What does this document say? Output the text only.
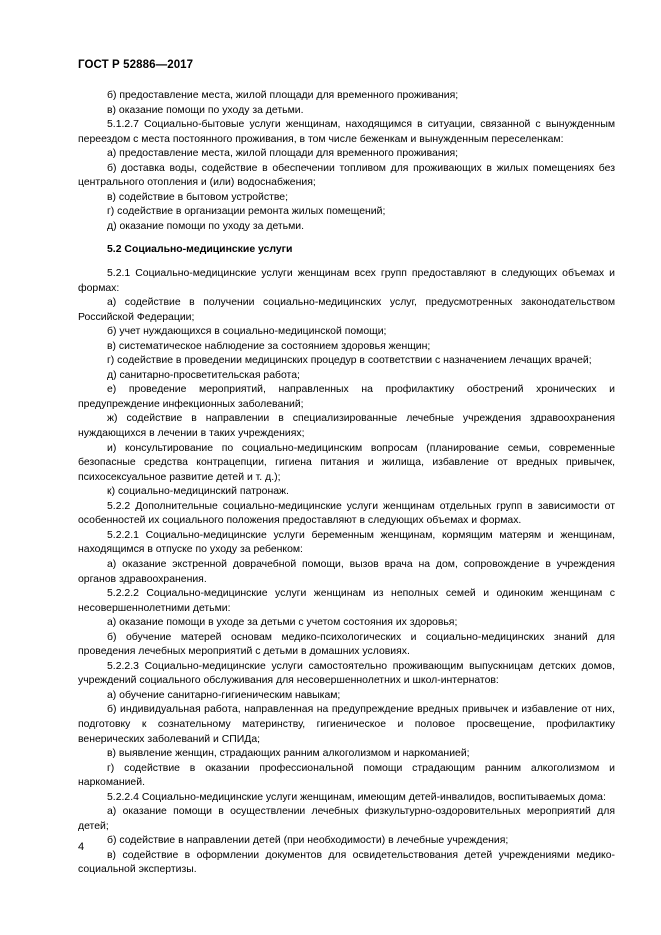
ГОСТ Р 52886—2017

б) предоставление места, жилой площади для временного проживания;

в) оказание помощи по уходу за детьми.

5.1.2.7 Социально-бытовые услуги женщинам, находящимся в ситуации, связанной с вынужденным переездом с места постоянного проживания, в том числе беженкам и вынужденным переселенкам:

а) предоставление места, жилой площади для временного проживания;

б) доставка воды, содействие в обеспечении топливом для проживающих в жилых помещениях без центрального отопления и (или) водоснабжения;

в) содействие в бытовом устройстве;

г) содействие в организации ремонта жилых помещений;

д) оказание помощи по уходу за детьми.

5.2 Социально-медицинские услуги

5.2.1 Социально-медицинские услуги женщинам всех групп предоставляют в следующих объемах и формах:

а) содействие в получении социально-медицинских услуг, предусмотренных законодательством Российской Федерации;

б) учет нуждающихся в социально-медицинской помощи;

в) систематическое наблюдение за состоянием здоровья женщин;

г) содействие в проведении медицинских процедур в соответствии с назначением лечащих врачей;

д) санитарно-просветительская работа;

е) проведение мероприятий, направленных на профилактику обострений хронических и предупреждение инфекционных заболеваний;

ж) содействие в направлении в специализированные лечебные учреждения здравоохранения нуждающихся в лечении в таких учреждениях;

и) консультирование по социально-медицинским вопросам (планирование семьи, современные безопасные средства контрацепции, гигиена питания и жилища, избавление от вредных привычек, психосексуальное развитие детей и т. д.);

к) социально-медицинский патронаж.

5.2.2 Дополнительные социально-медицинские услуги женщинам отдельных групп в зависимости от особенностей их социального положения предоставляют в следующих объемах и формах.

5.2.2.1 Социально-медицинские услуги беременным женщинам, кормящим матерям и женщинам, находящимся в отпуске по уходу за ребенком:

а) оказание экстренной доврачебной помощи, вызов врача на дом, сопровождение в учреждения органов здравоохранения.

5.2.2.2 Социально-медицинские услуги женщинам из неполных семей и одиноким женщинам с несовершеннолетними детьми:

а) оказание помощи в уходе за детьми с учетом состояния их здоровья;

б) обучение матерей основам медико-психологических и социально-медицинских знаний для проведения лечебных мероприятий с детьми в домашних условиях.

5.2.2.3 Социально-медицинские услуги самостоятельно проживающим выпускницам детских домов, учреждений социального обслуживания для несовершеннолетних и школ-интернатов:

а) обучение санитарно-гигиеническим навыкам;

б) индивидуальная работа, направленная на предупреждение вредных привычек и избавление от них, подготовку к сознательному материнству, гигиеническое и половое просвещение, профилактику венерических заболеваний и СПИДа;

в) выявление женщин, страдающих ранним алкоголизмом и наркоманией;

г) содействие в оказании профессиональной помощи страдающим ранним алкоголизмом и наркоманией.

5.2.2.4 Социально-медицинские услуги женщинам, имеющим детей-инвалидов, воспитываемых дома:

а) оказание помощи в осуществлении лечебных физкультурно-оздоровительных мероприятий для детей;

б) содействие в направлении детей (при необходимости) в лечебные учреждения;

в) содействие в оформлении документов для освидетельствования детей учреждениями медико-социальной экспертизы.

4
